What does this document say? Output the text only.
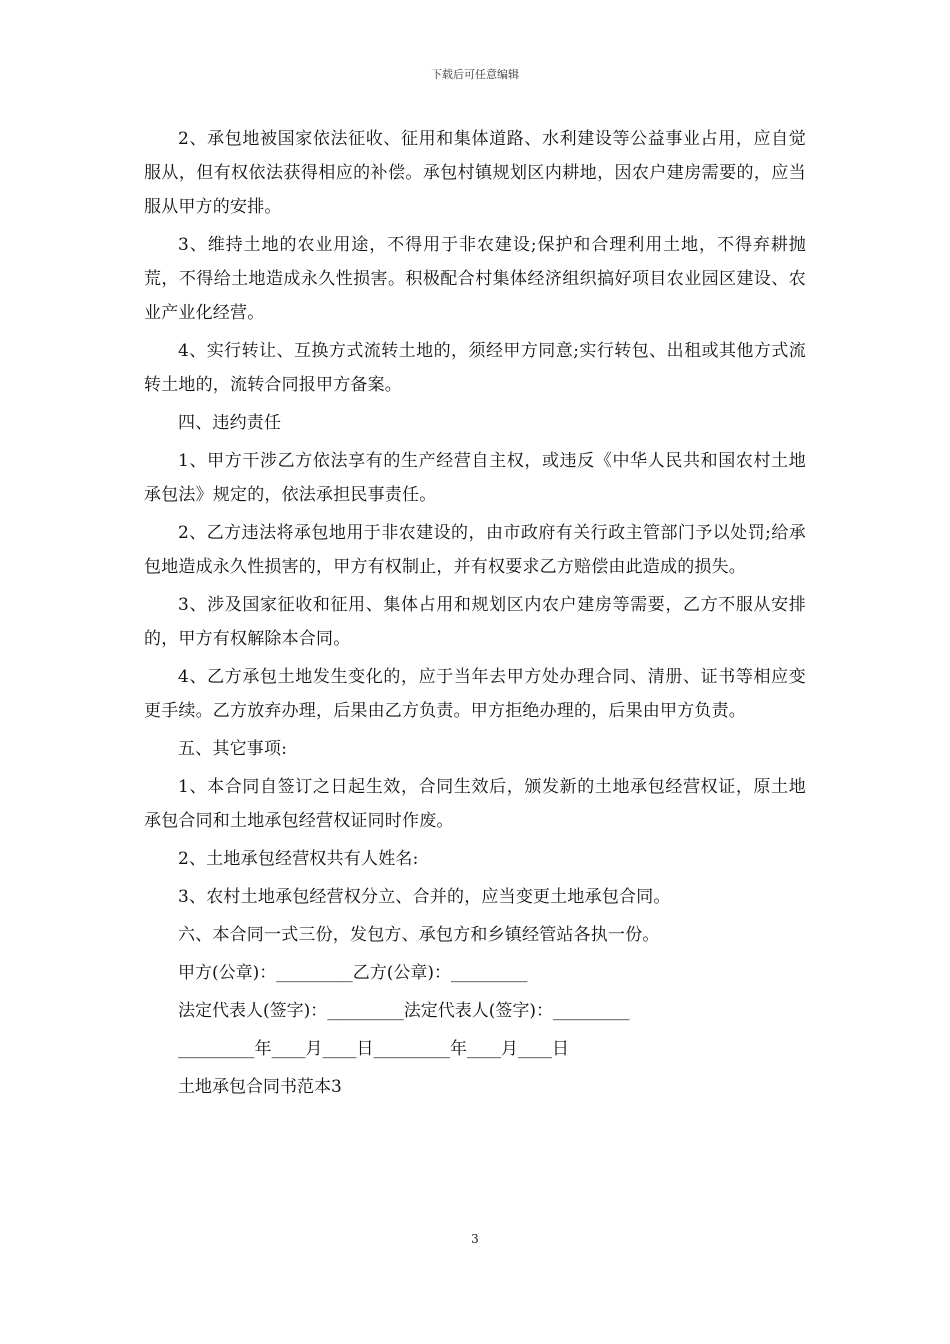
下载后可任意编辑

2、承包地被国家依法征收、征用和集体道路、水利建设等公益事业占用，应自觉服从，但有权依法获得相应的补偿。承包村镇规划区内耕地，因农户建房需要的，应当服从甲方的安排。

3、维持土地的农业用途，不得用于非农建设;保护和合理利用土地，不得弃耕抛荒，不得给土地造成永久性损害。积极配合村集体经济组织搞好项目农业园区建设、农业产业化经营。

4、实行转让、互换方式流转土地的，须经甲方同意;实行转包、出租或其他方式流转土地的，流转合同报甲方备案。

四、违约责任

1、甲方干涉乙方依法享有的生产经营自主权，或违反《中华人民共和国农村土地承包法》规定的，依法承担民事责任。

2、乙方违法将承包地用于非农建设的，由市政府有关行政主管部门予以处罚;给承包地造成永久性损害的，甲方有权制止，并有权要求乙方赔偿由此造成的损失。

3、涉及国家征收和征用、集体占用和规划区内农户建房等需要，乙方不服从安排的，甲方有权解除本合同。

4、乙方承包土地发生变化的，应于当年去甲方处办理合同、清册、证书等相应变更手续。乙方放弃办理，后果由乙方负责。甲方拒绝办理的，后果由甲方负责。

五、其它事项:

1、本合同自签订之日起生效，合同生效后，颁发新的土地承包经营权证，原土地承包合同和土地承包经营权证同时作废。

2、土地承包经营权共有人姓名:

3、农村土地承包经营权分立、合并的，应当变更土地承包合同。

六、本合同一式三份，发包方、承包方和乡镇经管站各执一份。

甲方(公章)：_________乙方(公章)：_________

法定代表人(签字)：_________法定代表人(签字)：_________

_________年____月____日_________年____月____日

土地承包合同书范本3

3
